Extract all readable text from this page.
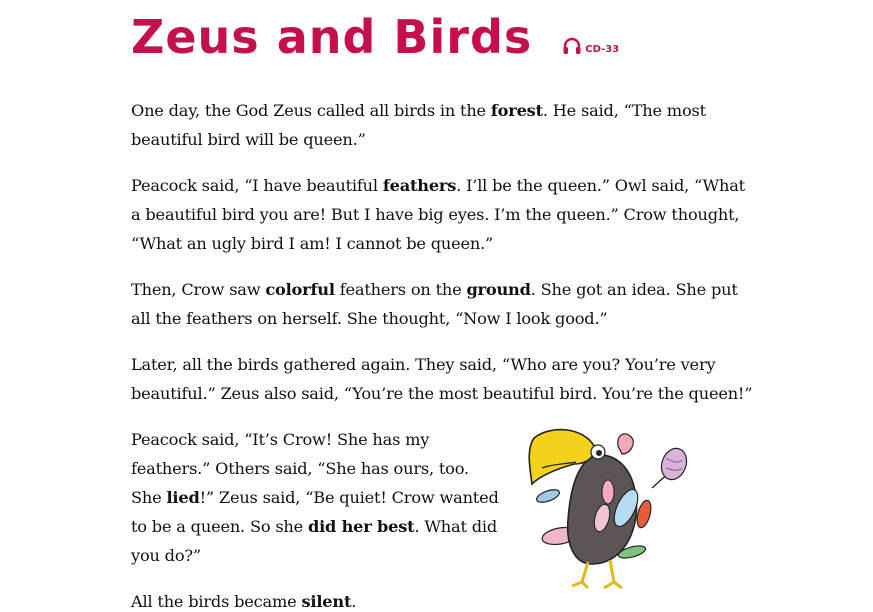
Zeus and Birds	CD-33

One day, the God Zeus called all birds in the forest. He said, “The most beautiful bird will be queen.”

Peacock said, “I have beautiful feathers. I’ll be the queen.” Owl said, “What a beautiful bird you are! But I have big eyes. I’m the queen.” Crow thought, “What an ugly bird I am! I cannot be queen.”

Then, Crow saw colorful feathers on the ground. She got an idea. She put all the feathers on herself. She thought, “Now I look good.”

Later, all the birds gathered again. They said, “Who are you? You’re very beautiful.” Zeus also said, “You’re the most beautiful bird. You’re the queen!”

Peacock said, “It’s Crow! She has my feathers.” Others said, “She has ours, too. She lied!” Zeus said, “Be quiet! Crow wanted to be a queen. So she did her best. What did you do?”

All the birds became silent.
